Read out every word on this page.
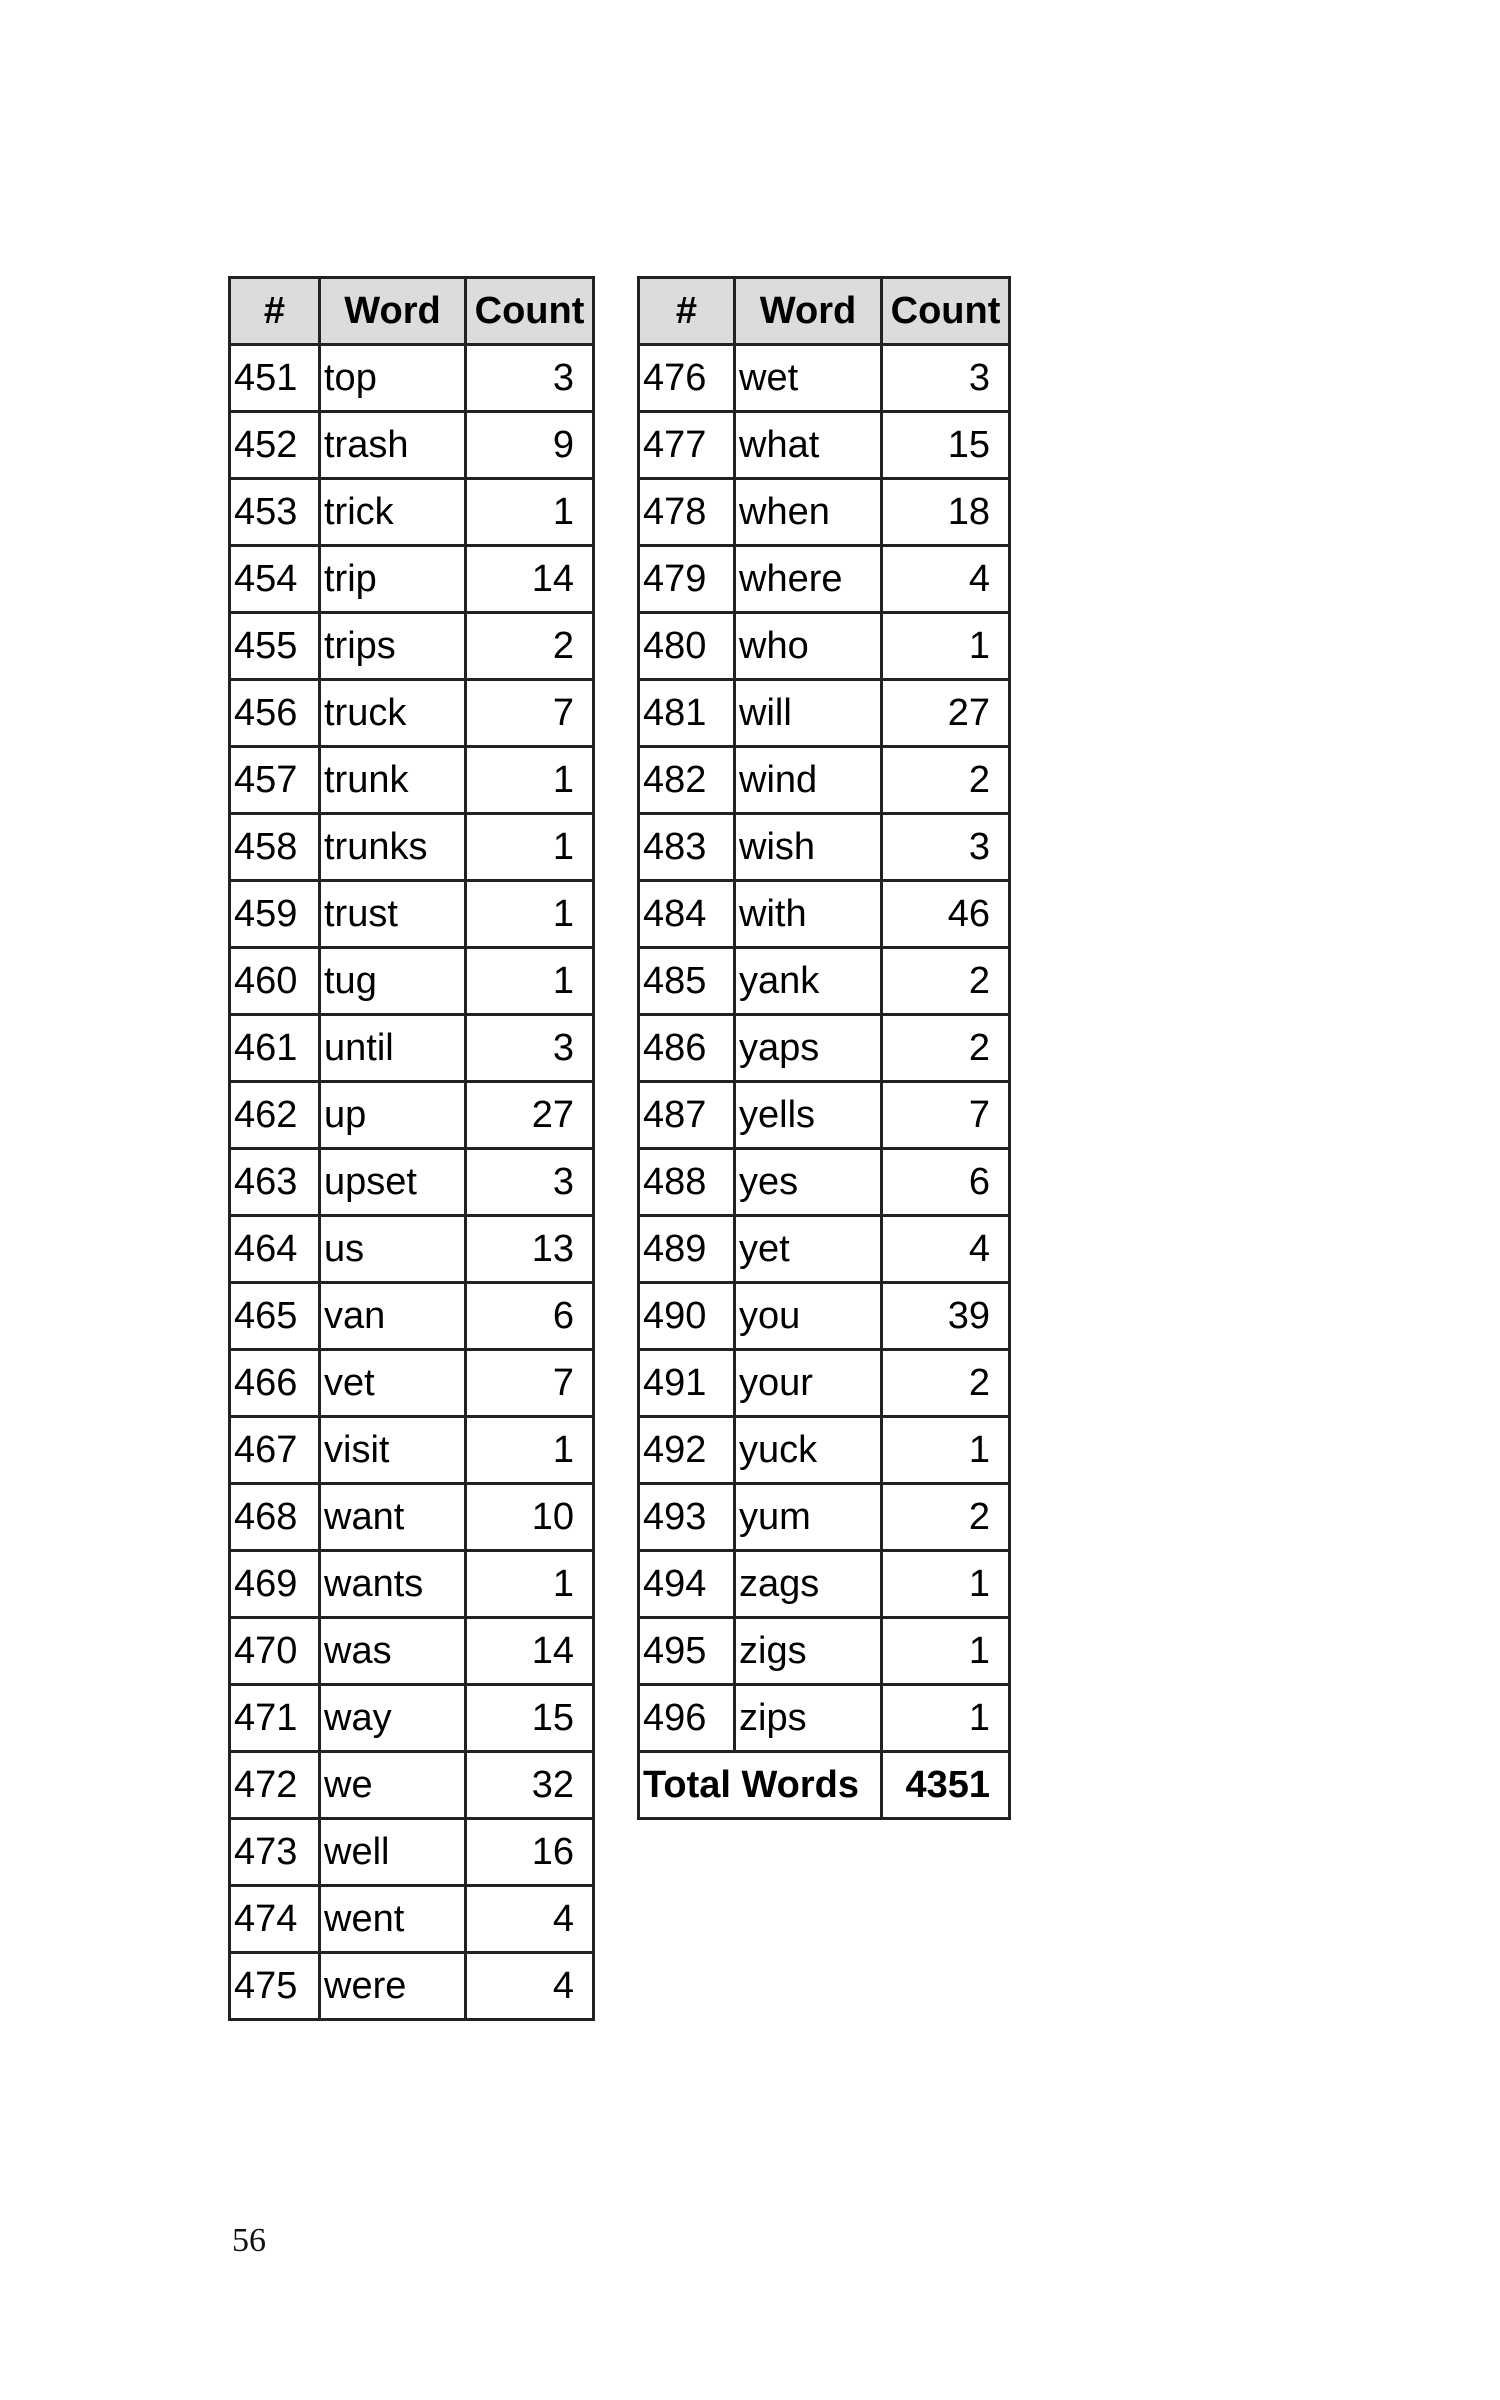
#	Word	Count
451	top	3
452	trash	9
453	trick	1
454	trip	14
455	trips	2
456	truck	7
457	trunk	1
458	trunks	1
459	trust	1
460	tug	1
461	until	3
462	up	27
463	upset	3
464	us	13
465	van	6
466	vet	7
467	visit	1
468	want	10
469	wants	1
470	was	14
471	way	15
472	we	32
473	well	16
474	went	4
475	were	4
#	Word	Count
476	wet	3
477	what	15
478	when	18
479	where	4
480	who	1
481	will	27
482	wind	2
483	wish	3
484	with	46
485	yank	2
486	yaps	2
487	yells	7
488	yes	6
489	yet	4
490	you	39
491	your	2
492	yuck	1
493	yum	2
494	zags	1
495	zigs	1
496	zips	1
Total Words		4351
56
